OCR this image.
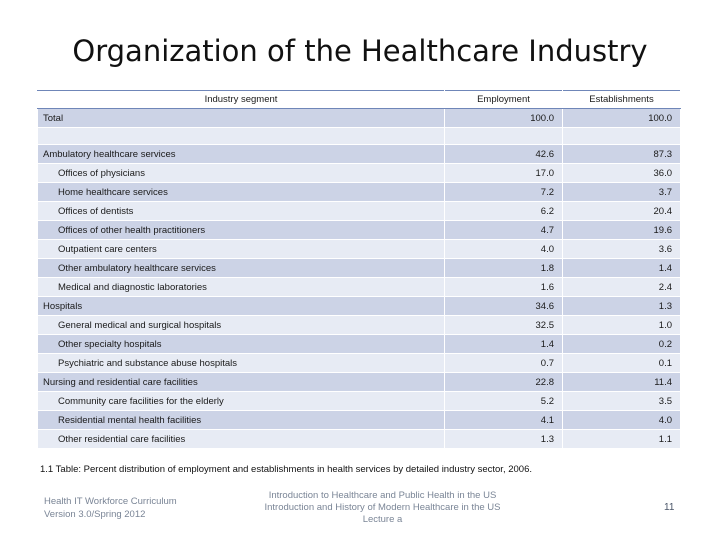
Organization of the Healthcare Industry
Industry segment	Employment	Establishments
Total	100.0	100.0

Ambulatory healthcare services	42.6	87.3
Offices of physicians	17.0	36.0
Home healthcare services	7.2	3.7
Offices of dentists	6.2	20.4
Offices of other health practitioners	4.7	19.6
Outpatient care centers	4.0	3.6
Other ambulatory healthcare services	1.8	1.4
Medical and diagnostic laboratories	1.6	2.4
Hospitals	34.6	1.3
General medical and surgical hospitals	32.5	1.0
Other specialty hospitals	1.4	0.2
Psychiatric and substance abuse hospitals	0.7	0.1
Nursing and residential care facilities	22.8	11.4
Community care facilities for the elderly	5.2	3.5
Residential mental health facilities	4.1	4.0
Other residential care facilities	1.3	1.1
1.1 Table: Percent distribution of employment and establishments in health services by detailed industry sector, 2006.
Health IT Workforce Curriculum
Version 3.0/Spring 2012
Introduction to Healthcare and Public Health in the US
Introduction and History of Modern Healthcare in the US
Lecture a
11
